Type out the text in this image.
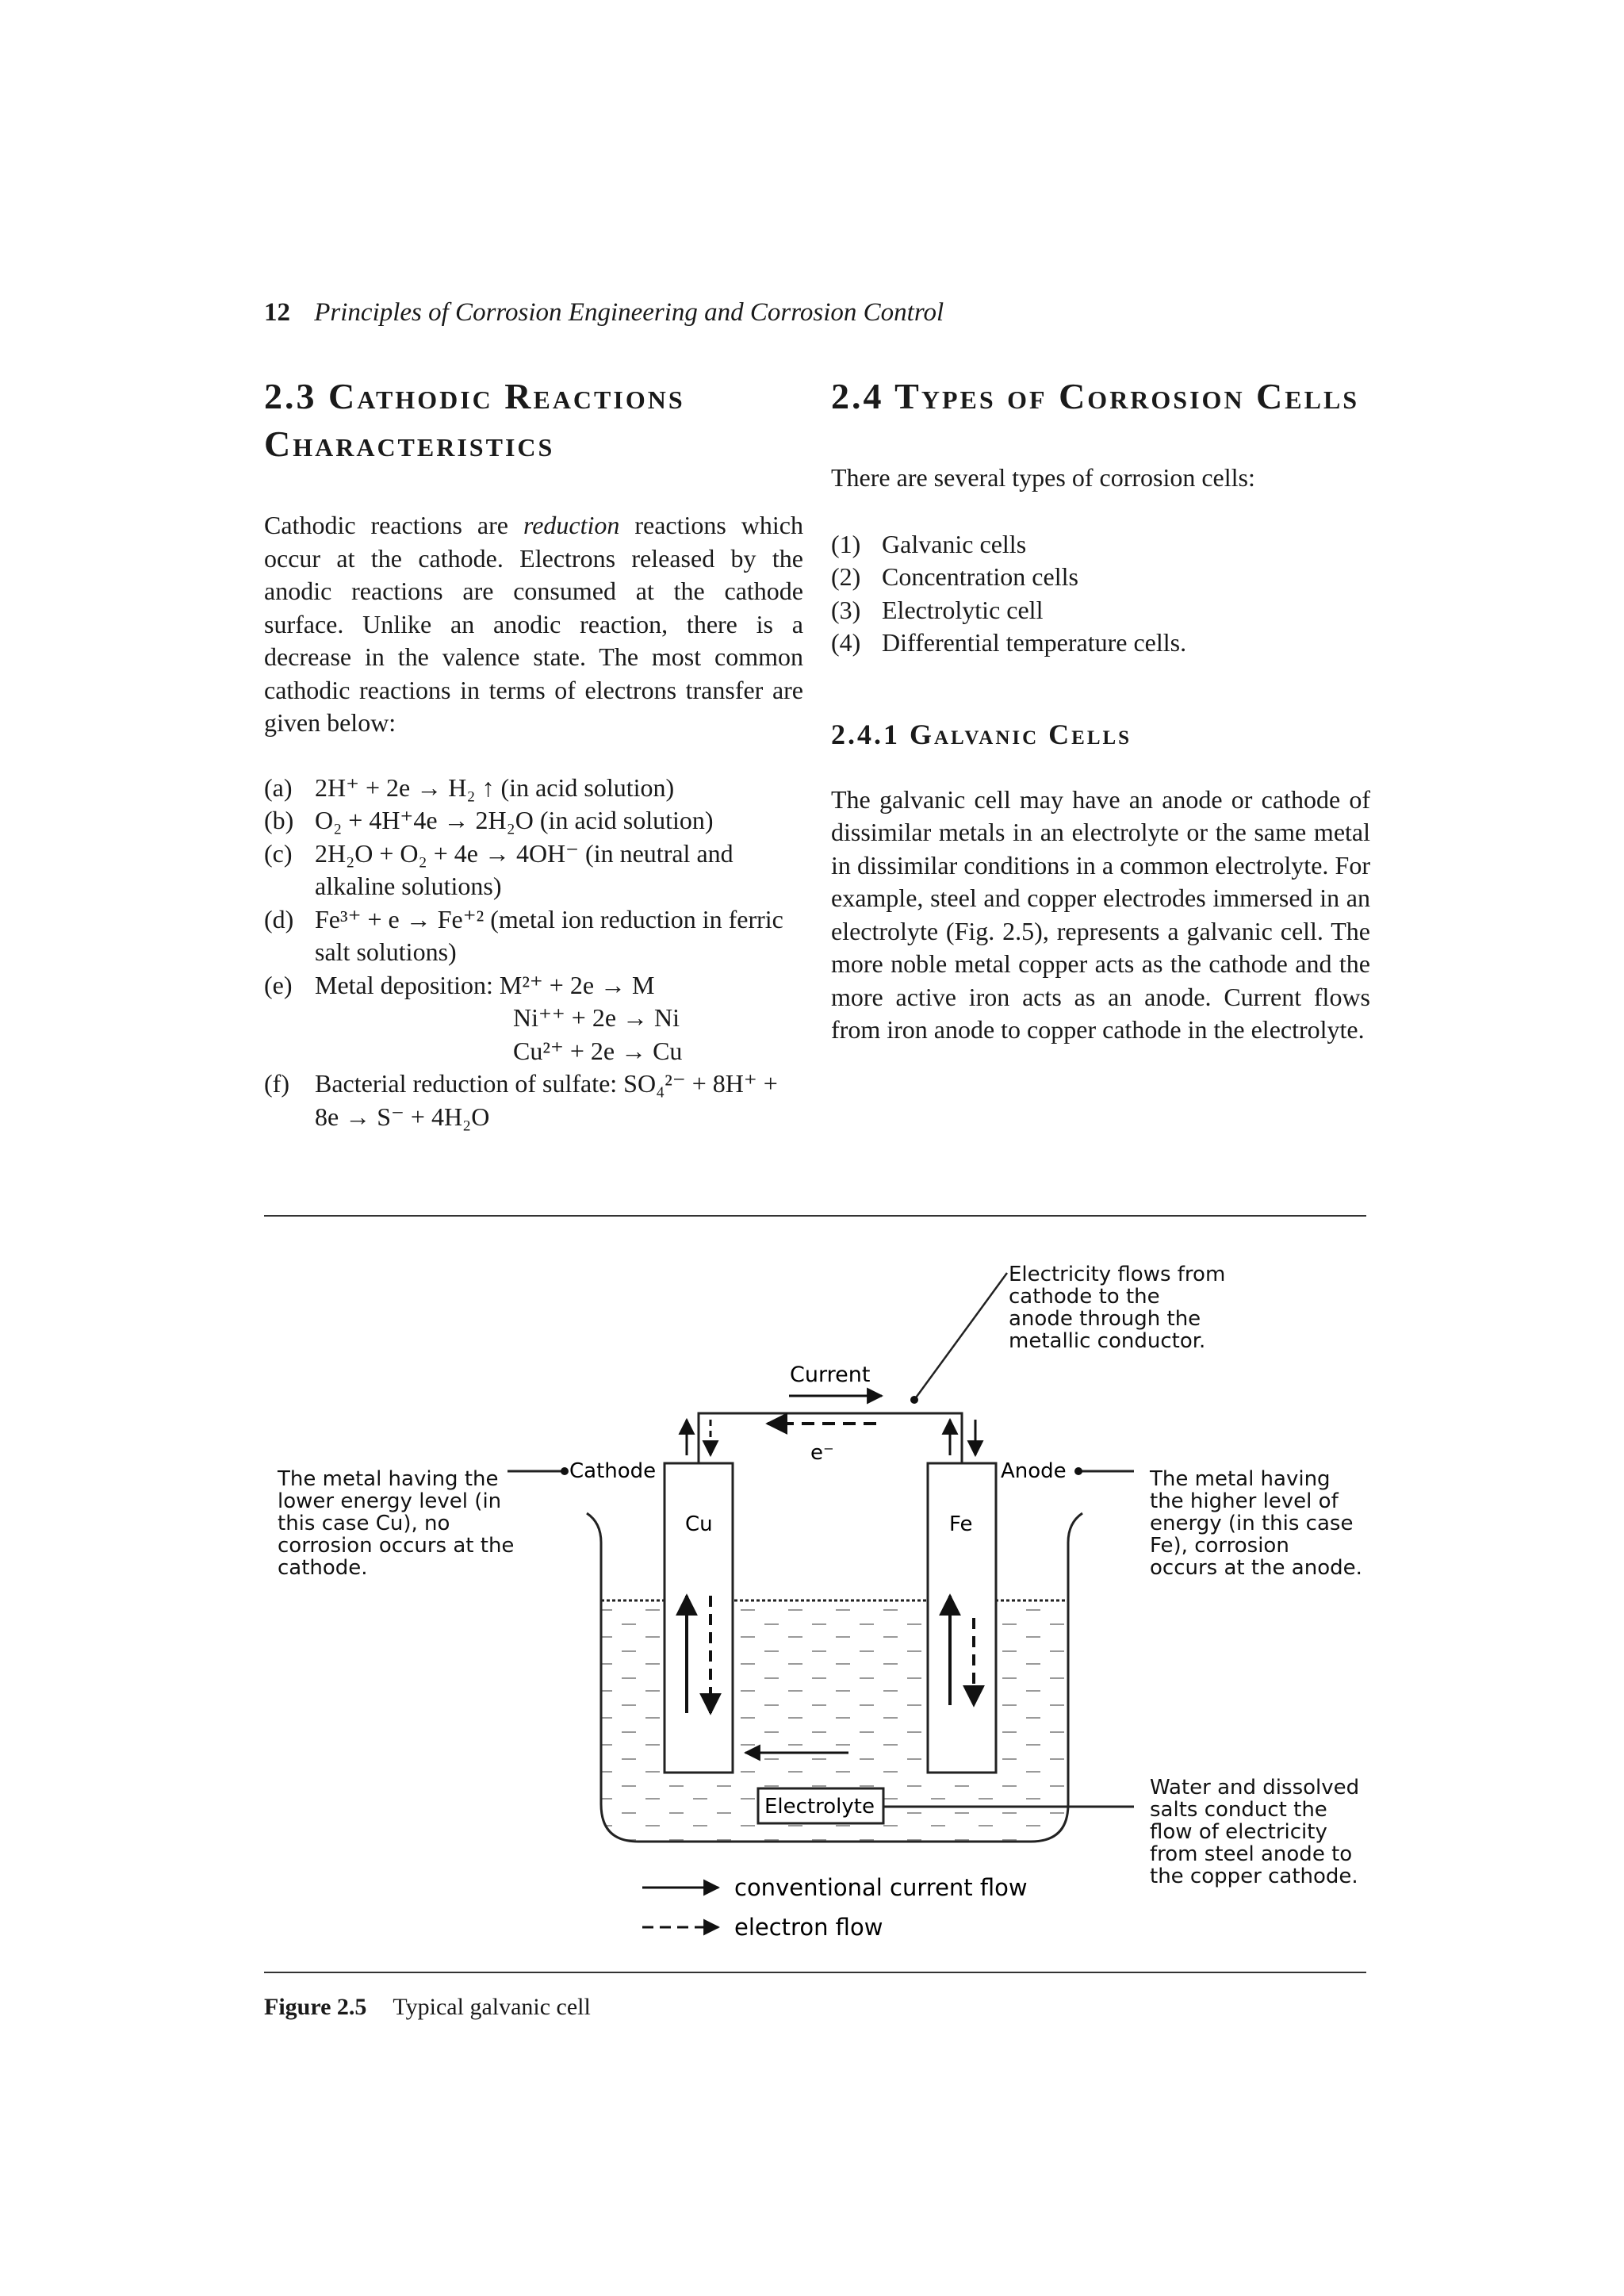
12 Principles of Corrosion Engineering and Corrosion Control
2.3 Cathodic Reactions Characteristics

Cathodic reactions are reduction reactions which occur at the cathode. Electrons released by the anodic reactions are consumed at the cathode surface. Unlike an anodic reaction, there is a decrease in the valence state. The most common cathodic reactions in terms of electrons transfer are given below:

(a) 2H⁺ + 2e → H₂ ↑ (in acid solution)
(b) O₂ + 4H⁺4e → 2H₂O (in acid solution)
(c) 2H₂O + O₂ + 4e → 4OH⁻ (in neutral and alkaline solutions)
(d) Fe³⁺ + e → Fe⁺² (metal ion reduction in ferric salt solutions)
(e) Metal deposition: M²⁺ + 2e → M
Ni⁺⁺ + 2e → Ni
Cu²⁺ + 2e → Cu
(f) Bacterial reduction of sulfate: SO₄²⁻ + 8H⁺ + 8e → S⁻ + 4H₂O
2.4 Types of Corrosion Cells

There are several types of corrosion cells:

(1) Galvanic cells
(2) Concentration cells
(3) Electrolytic cell
(4) Differential temperature cells.
2.4.1 Galvanic Cells

The galvanic cell may have an anode or cathode of dissimilar metals in an electrolyte or the same metal in dissimilar conditions in a common electrolyte. For example, steel and copper electrodes immersed in an electrolyte (Fig. 2.5), represents a galvanic cell. The more noble metal copper acts as the cathode and the more active iron acts as an anode. Current flows from iron anode to copper cathode in the electrolyte.

Cu	Fe
Current
e⁻
Electrolyte
Cathode	Anode
Electricity flows from
cathode to the
anode through the
metallic conductor.
The metal having the
lower energy level (in
this case Cu), no
corrosion occurs at the
cathode.
The metal having
the higher level of
energy (in this case
Fe), corrosion
occurs at the anode.
Water and dissolved
salts conduct the
flow of electricity
from steel anode to
the copper cathode.
conventional current flow
electron flow
Figure 2.5 Typical galvanic cell
